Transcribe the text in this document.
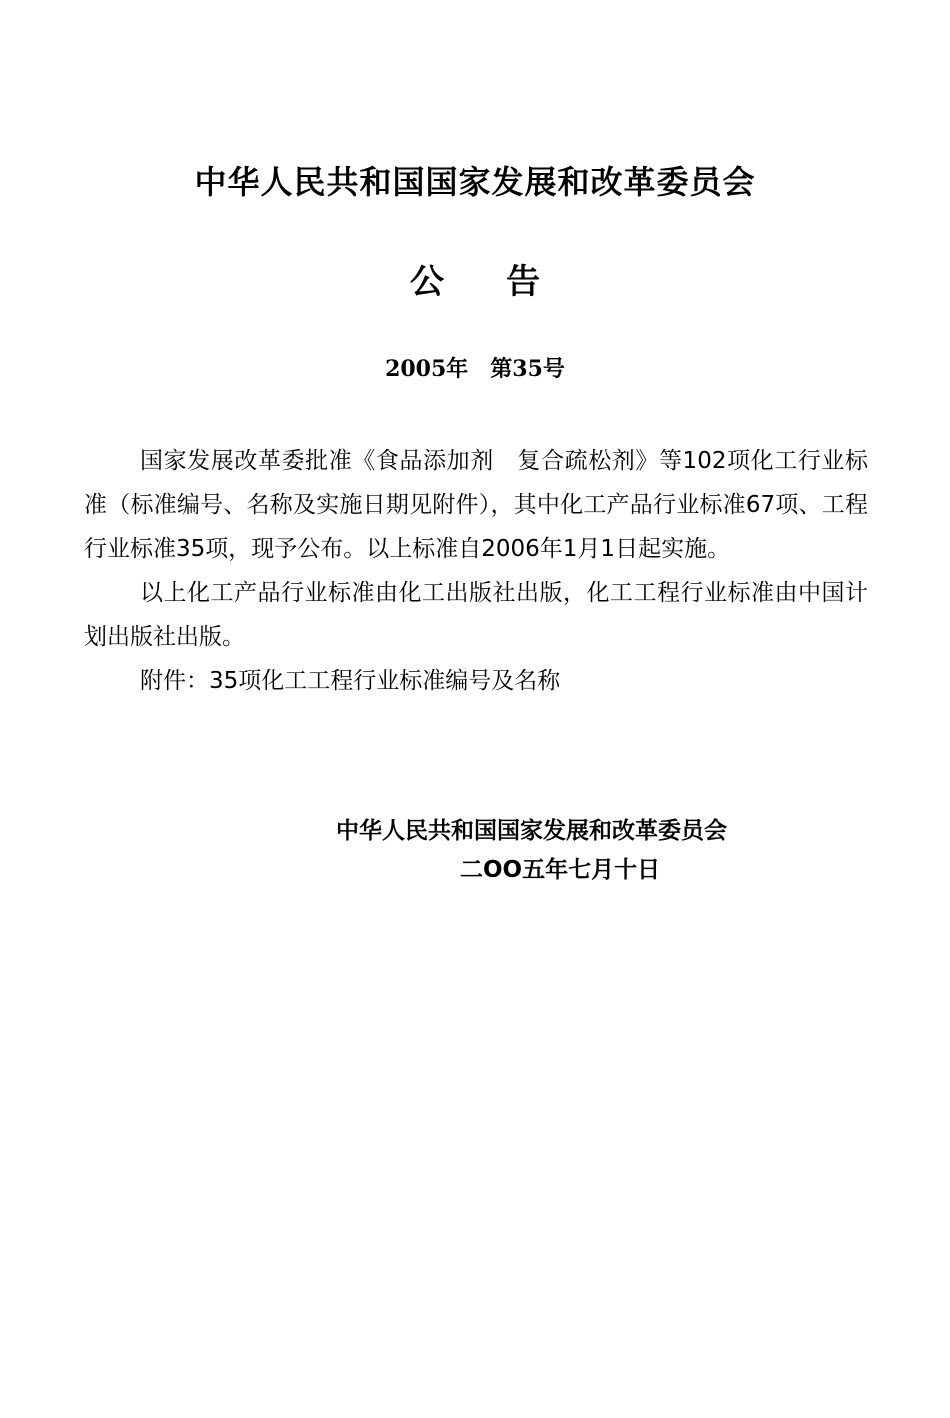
中华人民共和国国家发展和改革委员会
公告
2005年　第35号

国家发展改革委批准《食品添加剂　复合疏松剂》等102项化工行业标准（标准编号、名称及实施日期见附件），其中化工产品行业标准67项、工程行业标准35项，现予公布。以上标准自2006年1月1日起实施。

以上化工产品行业标准由化工出版社出版，化工工程行业标准由中国计划出版社出版。

附件：35项化工工程行业标准编号及名称

中华人民共和国国家发展和改革委员会
二OO五年七月十日
